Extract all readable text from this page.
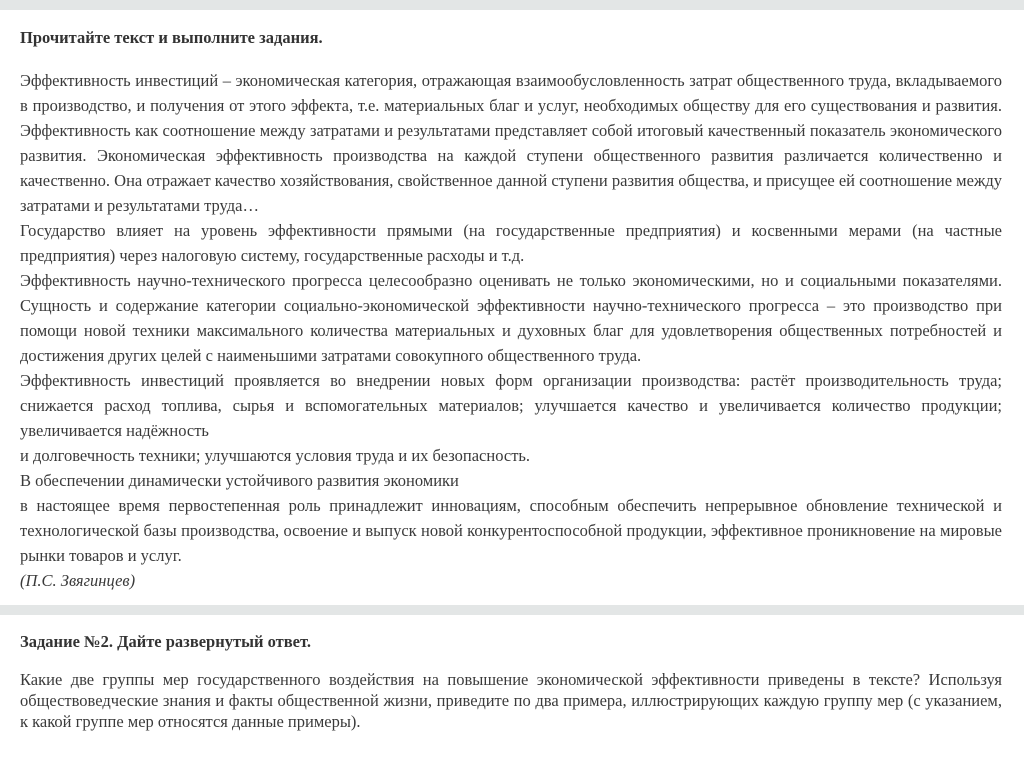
Прочитайте текст и выполните задания.

Эффективность инвестиций – экономическая категория, отражающая взаимообусловленность затрат общественного труда, вкладываемого в производство, и получения от этого эффекта, т.е. материальных благ и услуг, необходимых обществу для его существования и развития. Эффективность как соотношение между затратами и результатами представляет собой итоговый качественный показатель экономического развития. Экономическая эффективность производства на каждой ступени общественного развития различается количественно и качественно. Она отражает качество хозяйствования, свойственное данной ступени развития общества, и присущее ей соотношение между затратами и результатами труда…

Государство влияет на уровень эффективности прямыми (на государственные предприятия) и косвенными мерами (на частные предприятия) через налоговую систему, государственные расходы и т.д.

Эффективность научно-технического прогресса целесообразно оценивать не только экономическими, но и социальными показателями. Сущность и содержание категории социально-экономической эффективности научно-технического прогресса – это производство при помощи новой техники максимального количества материальных и духовных благ для удовлетворения общественных потребностей и достижения других целей с наименьшими затратами совокупного общественного труда.

Эффективность инвестиций проявляется во внедрении новых форм организации производства: растёт производительность труда; снижается расход топлива, сырья и вспомогательных материалов; улучшается качество и увеличивается количество продукции; увеличивается надёжность

и долговечность техники; улучшаются условия труда и их безопасность.

В обеспечении динамически устойчивого развития экономики

в настоящее время первостепенная роль принадлежит инновациям, способным обеспечить непрерывное обновление технической и технологической базы производства, освоение и выпуск новой конкурентоспособной продукции, эффективное проникновение на мировые рынки товаров и услуг.

(П.С. Звягинцев)

Задание №2. Дайте развернутый ответ.

Какие две группы мер государственного воздействия на повышение экономической эффективности приведены в тексте? Используя обществоведческие знания и факты общественной жизни, приведите по два примера, иллюстрирующих каждую группу мер (с указанием, к какой группе мер относятся данные примеры).
